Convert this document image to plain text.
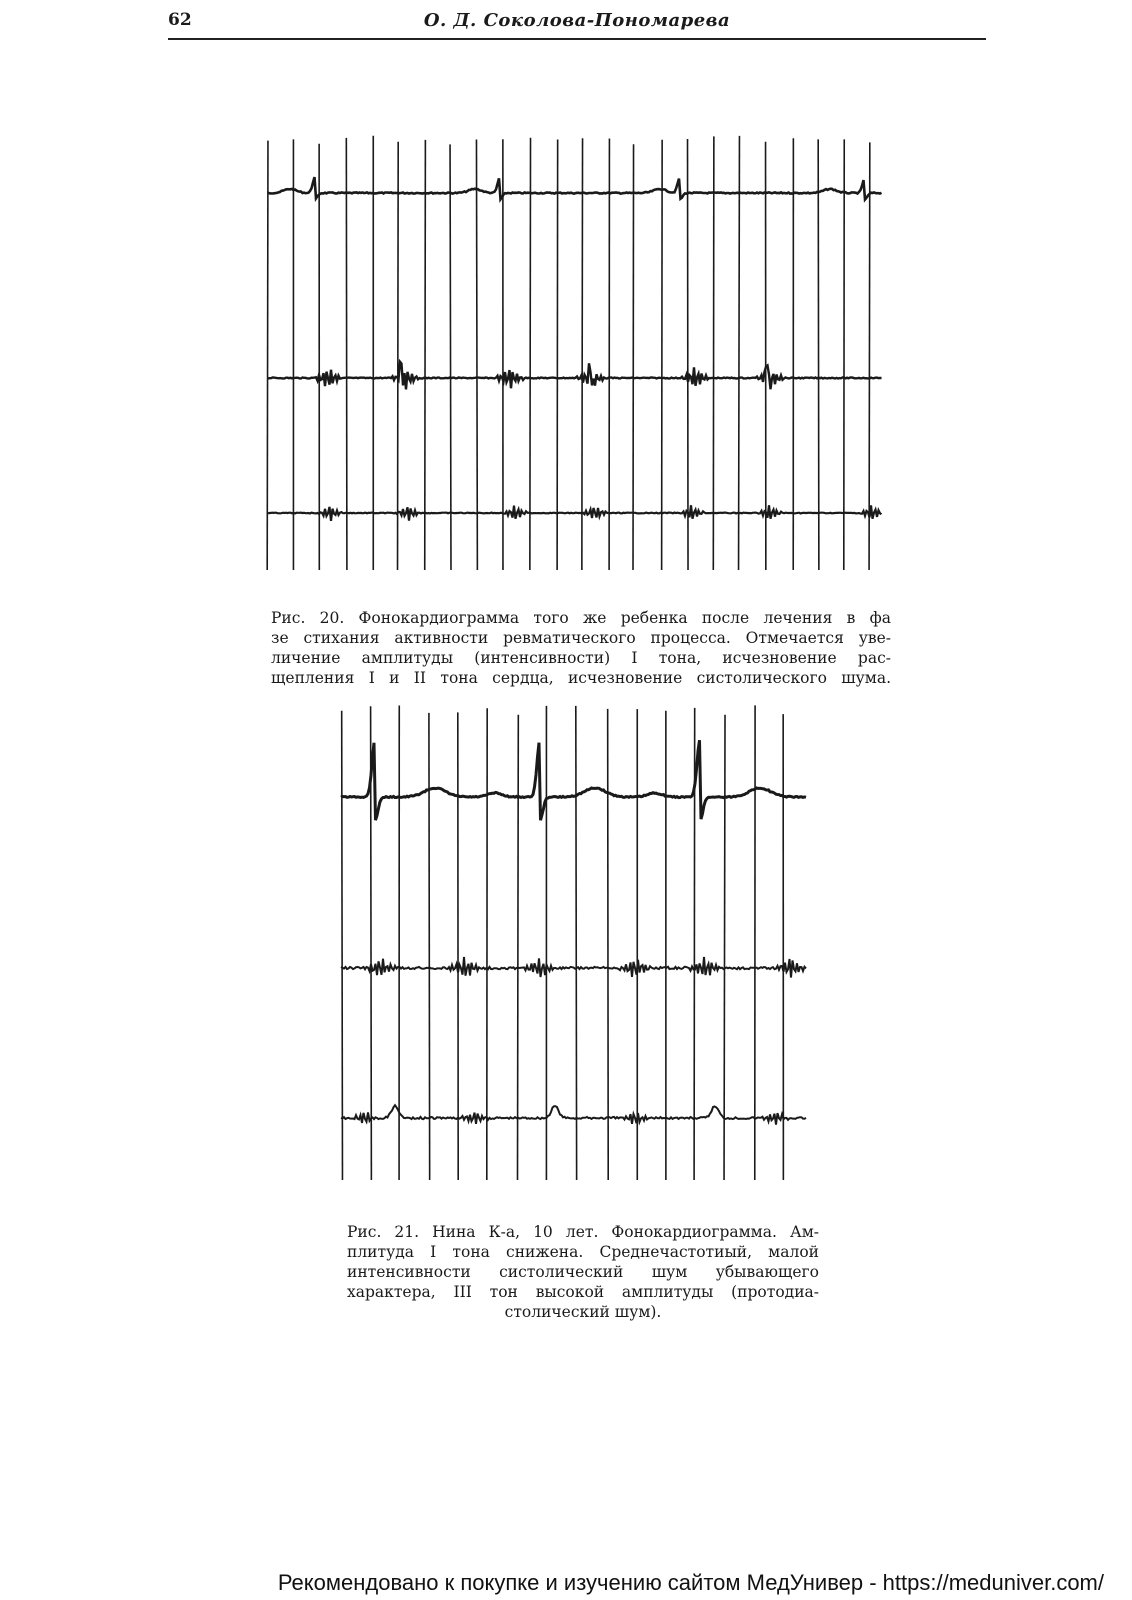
62	О. Д. Соколова-Пономарева
Рис. 20. Фонокардиограмма того же ребенка после лечения в фа
зе стихания активности ревматического процесса. Отмечается уве-
личение амплитуды (интенсивности) I тона, исчезновение рас-
щепления I и II тона сердца, исчезновение систолического шума.
Рис. 21. Нина К-а, 10 лет. Фонокардиограмма. Ам-
плитуда I тона снижена. Среднечастотиый, малой
интенсивности систолический шум убывающего
характера, III тон высокой амплитуды (протодиа-
столический шум).
Рекомендовано к покупке и изучению сайтом МедУнивер - https://meduniver.com/
